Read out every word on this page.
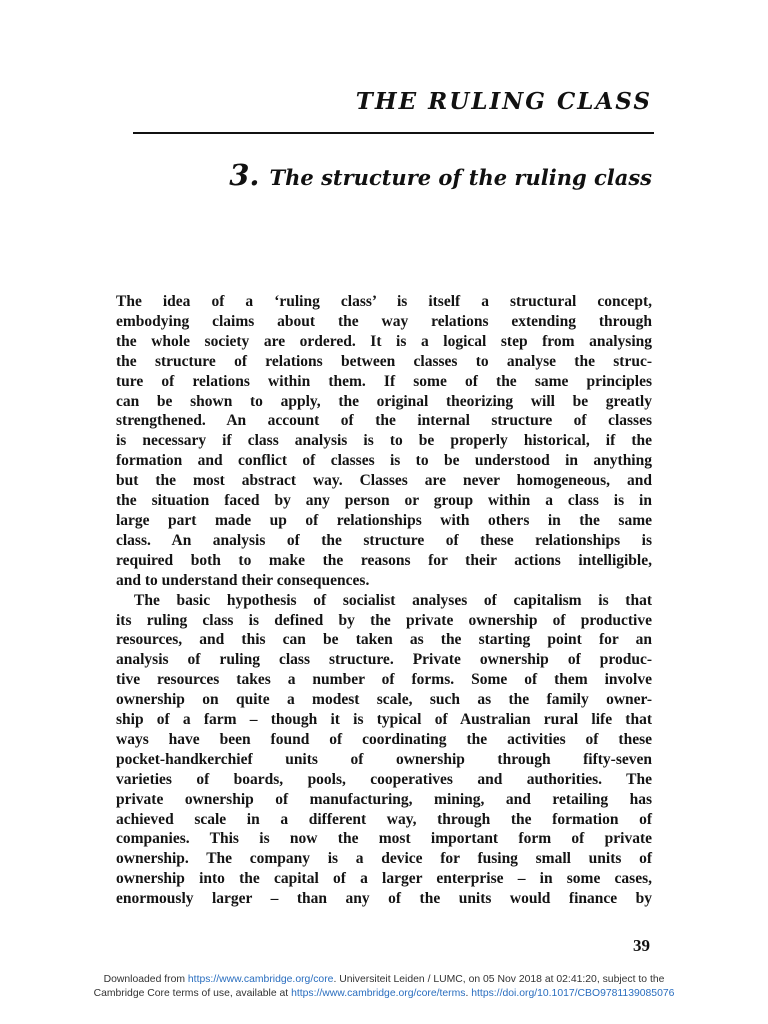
THE RULING CLASS
3. The structure of the ruling class
The idea of a ‘ruling class’ is itself a structural concept,
embodying claims about the way relations extending through
the whole society are ordered. It is a logical step from analysing
the structure of relations between classes to analyse the struc-
ture of relations within them. If some of the same principles
can be shown to apply, the original theorizing will be greatly
strengthened. An account of the internal structure of classes
is necessary if class analysis is to be properly historical, if the
formation and conflict of classes is to be understood in anything
but the most abstract way. Classes are never homogeneous, and
the situation faced by any person or group within a class is in
large part made up of relationships with others in the same
class. An analysis of the structure of these relationships is
required both to make the reasons for their actions intelligible,
and to understand their consequences.
The basic hypothesis of socialist analyses of capitalism is that
its ruling class is defined by the private ownership of productive
resources, and this can be taken as the starting point for an
analysis of ruling class structure. Private ownership of produc-
tive resources takes a number of forms. Some of them involve
ownership on quite a modest scale, such as the family owner-
ship of a farm – though it is typical of Australian rural life that
ways have been found of coordinating the activities of these
pocket-handkerchief units of ownership through fifty-seven
varieties of boards, pools, cooperatives and authorities. The
private ownership of manufacturing, mining, and retailing has
achieved scale in a different way, through the formation of
companies. This is now the most important form of private
ownership. The company is a device for fusing small units of
ownership into the capital of a larger enterprise – in some cases,
enormously larger – than any of the units would finance by
39
Downloaded from https://www.cambridge.org/core. Universiteit Leiden / LUMC, on 05 Nov 2018 at 02:41:20, subject to the
Cambridge Core terms of use, available at https://www.cambridge.org/core/terms. https://doi.org/10.1017/CBO9781139085076
